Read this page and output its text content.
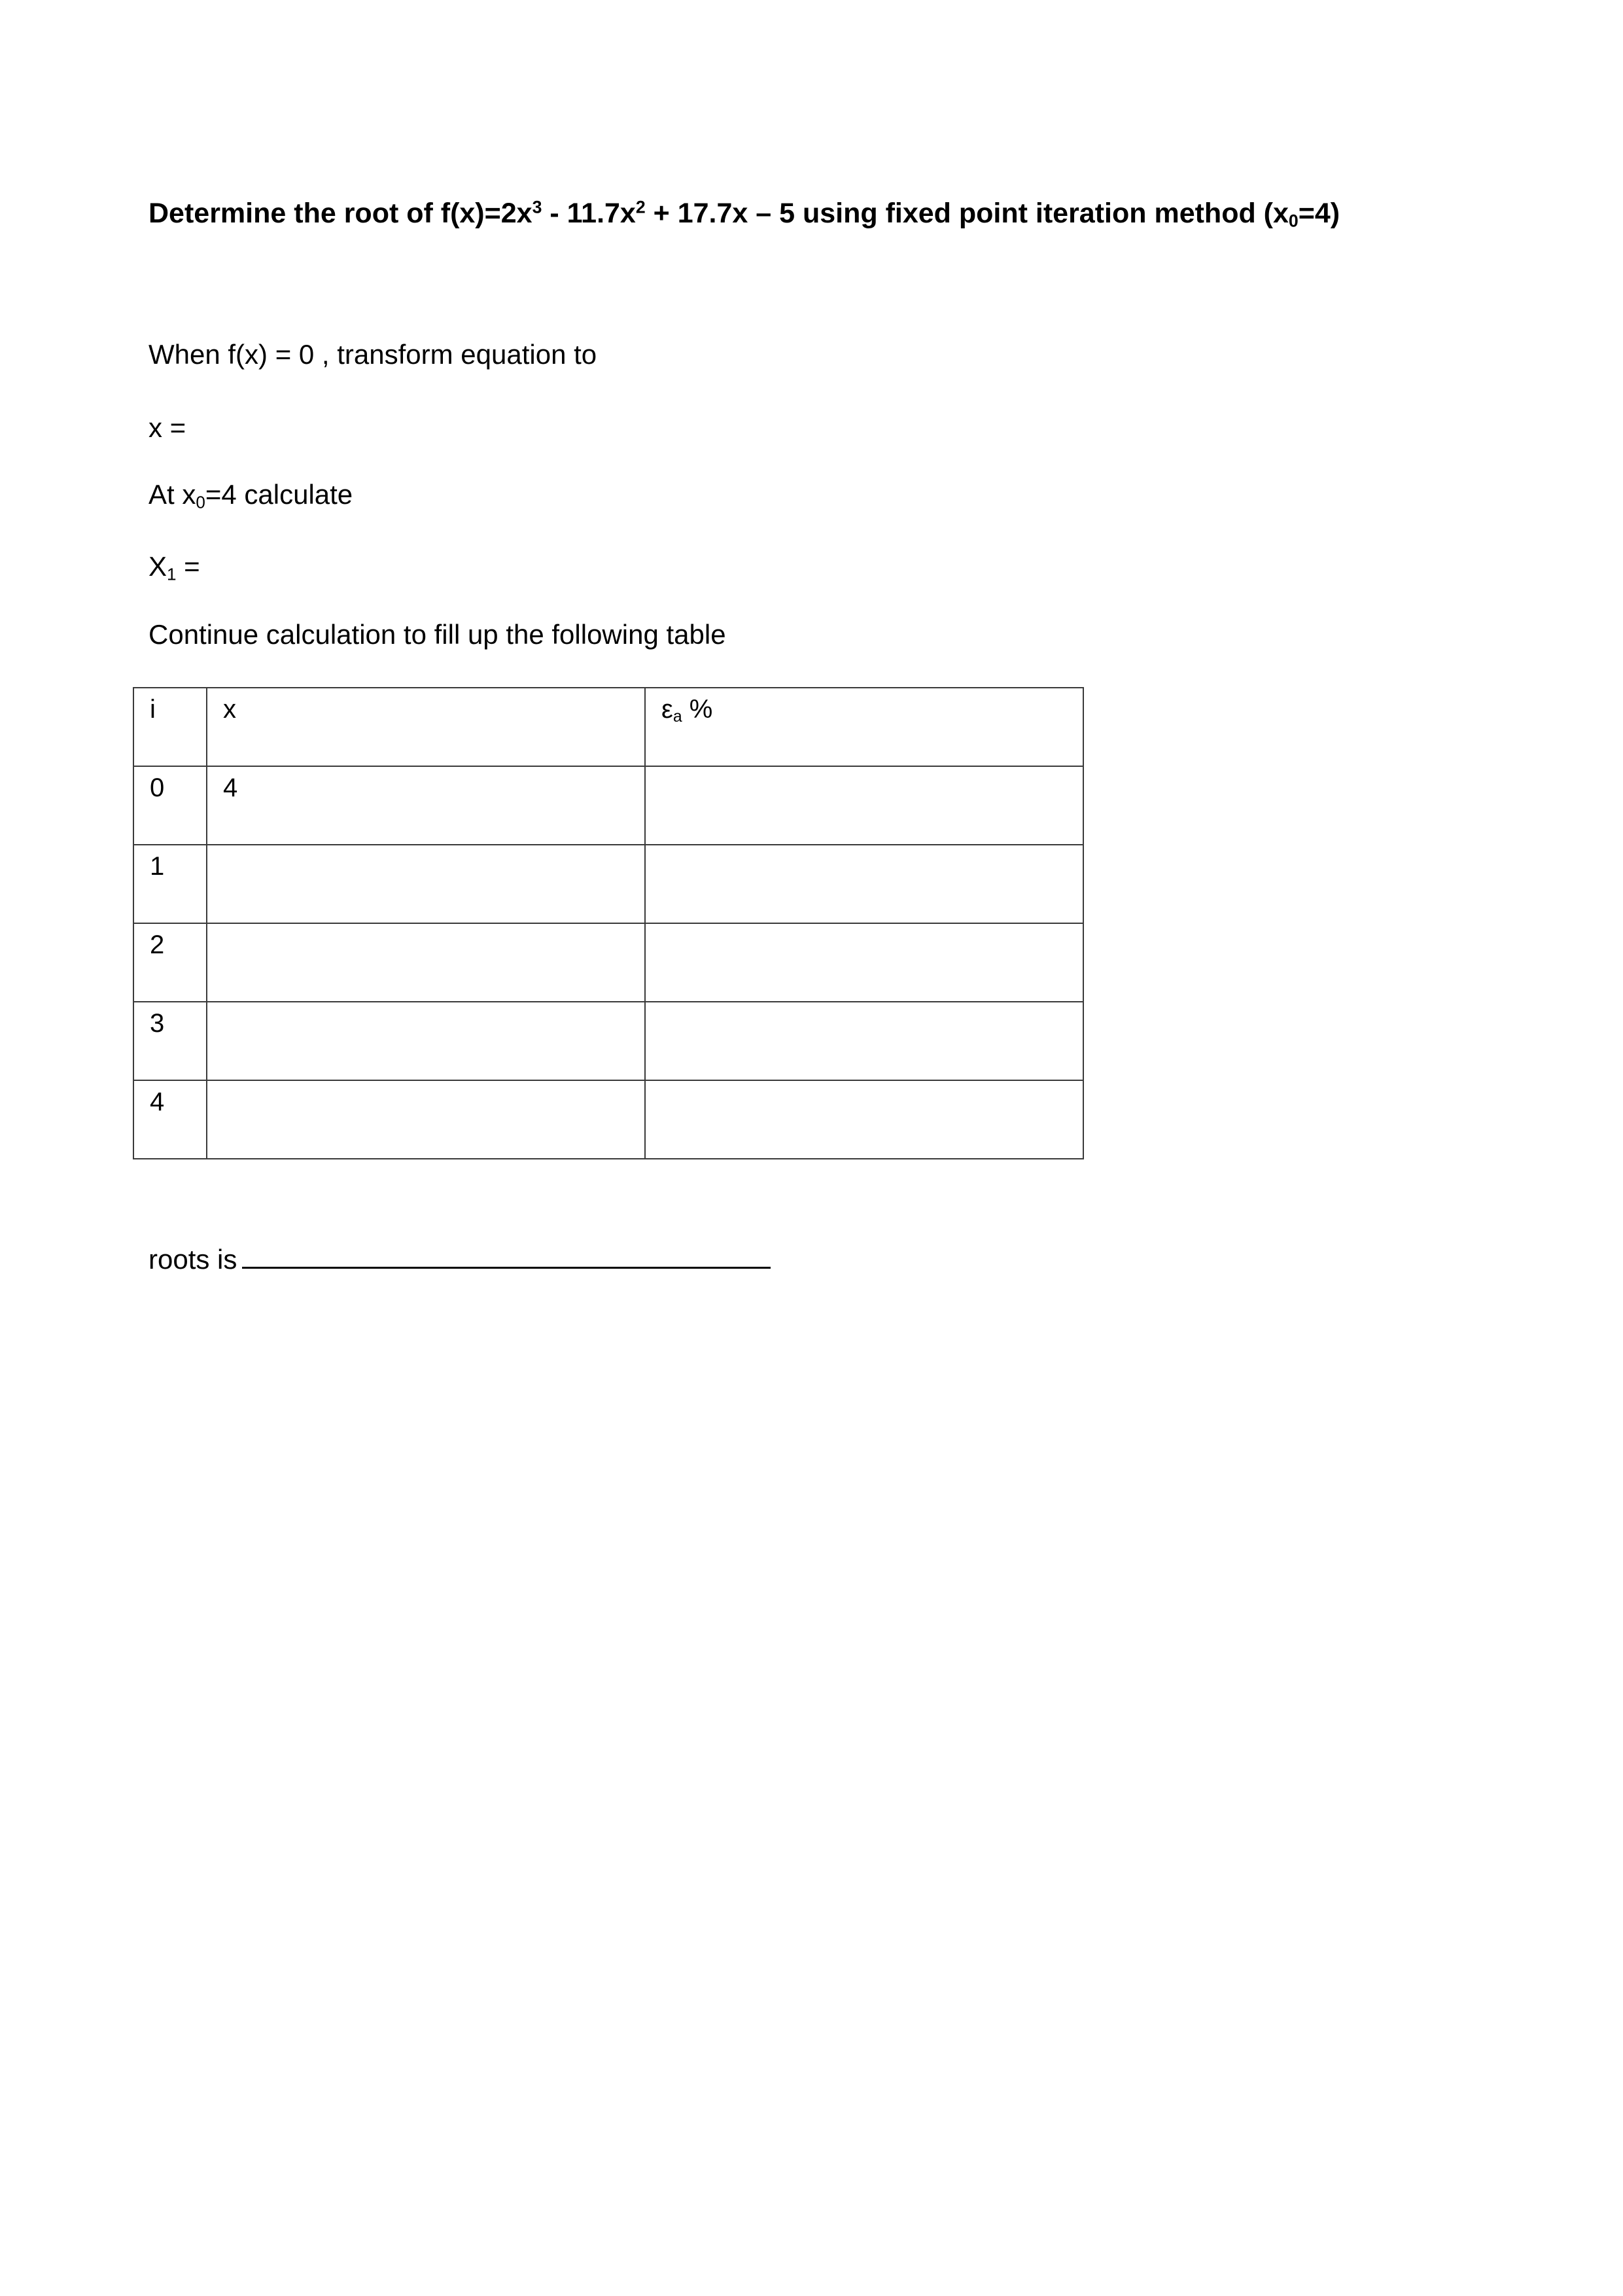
Determine the root of $f(x)=2x^3 - 11.7x^2 + 17.7x - 5$ using fixed point iteration method $(x_0=4)$
When f(x) = 0 , transform equation to
x =
At $x_0=4$ calculate
$X_1$ =
Continue calculation to fill up the following table
i	x	$\varepsilon_a$ %
0	4	
1		
2		
3		
4		
roots is
